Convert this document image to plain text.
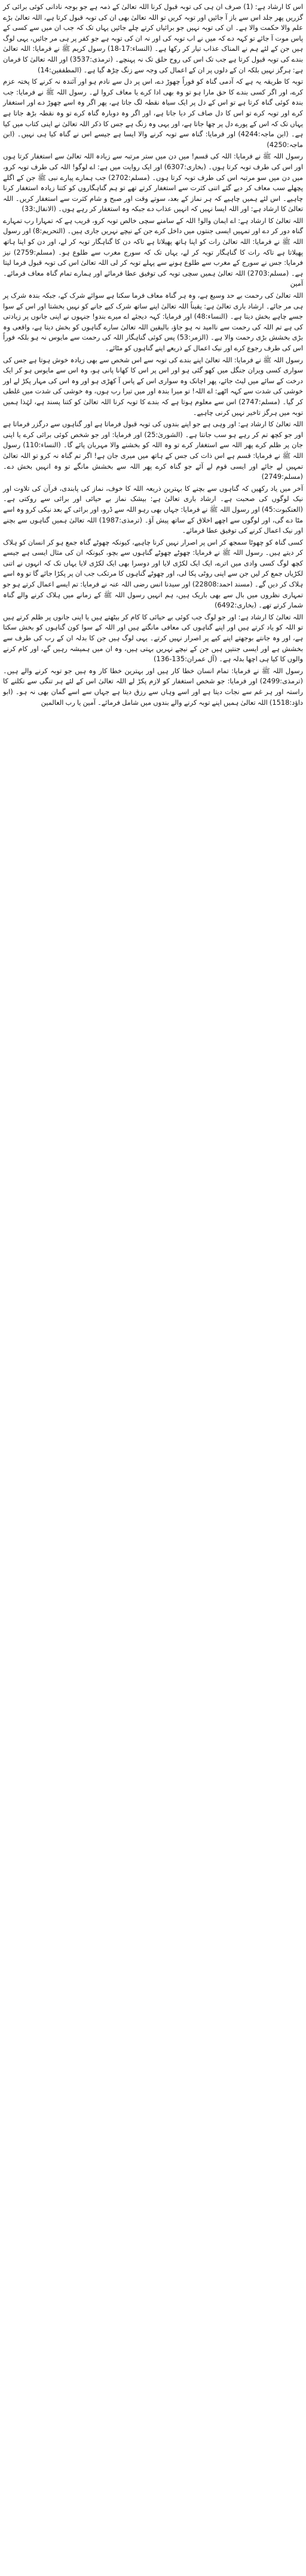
اس کا ارشاد ہے: (1) صرف ان ہی کی توبہ قبول کرنا اللہ تعالیٰ کے ذمہ ہے جو بوجہ نادانی کوئی برائی کر گزریں پھر جلد اس سے باز آ جائیں اور توبہ کریں تو اللہ تعالیٰ بھی ان کی توبہ قبول کرتا ہے، اللہ تعالیٰ بڑے علم والا حکمت والا ہے۔ ان کی توبہ نہیں جو برائیاں کرتے چلے جائیں یہاں تک کہ جب ان میں سے کسی کے پاس موت آ جائے تو کہہ دے کہ میں نے اب توبہ کی اور نہ ان کی توبہ ہے جو کفر پر ہی مر جائیں، یہی لوگ ہیں جن کے لئے ہم نے المناک عذاب تیار کر رکھا ہے۔ (النساء:17-18) رسول کریم ﷺ نے فرمایا: اللہ تعالیٰ بندے کی توبہ قبول کرتا ہے جب تک اس کی روح حلق تک نہ پہنچے۔ (ترمذی:3537) اور اللہ تعالیٰ کا فرمان ہے: ہرگز نہیں بلکہ ان کے دلوں پر ان کے اعمال کی وجہ سے زنگ چڑھ گیا ہے۔ (المطففین:14)

توبہ کا طریقہ یہ ہے کہ آدمی گناہ کو فوراً چھوڑ دے، اس پر دل سے نادم ہو اور آئندہ نہ کرنے کا پختہ عزم کرے، اور اگر کسی بندے کا حق مارا ہو تو وہ بھی ادا کرے یا معاف کروا لے۔ رسول اللہ ﷺ نے فرمایا: جب بندہ کوئی گناہ کرتا ہے تو اس کے دل پر ایک سیاہ نقطہ لگ جاتا ہے، پھر اگر وہ اسے چھوڑ دے اور استغفار کرے اور توبہ کرے تو اس کا دل صاف کر دیا جاتا ہے، اور اگر وہ دوبارہ گناہ کرے تو وہ نقطہ بڑھ جاتا ہے یہاں تک کہ اس کے پورے دل پر چھا جاتا ہے، اور یہی وہ زنگ ہے جس کا ذکر اللہ تعالیٰ نے اپنی کتاب میں کیا ہے۔ (ابن ماجہ:4244) اور فرمایا: گناہ سے توبہ کرنے والا ایسا ہے جیسے اس نے گناہ کیا ہی نہیں۔ (ابن ماجہ:4250)

رسول اللہ ﷺ نے فرمایا: اللہ کی قسم! میں دن میں ستر مرتبہ سے زیادہ اللہ تعالیٰ سے استغفار کرتا ہوں اور اس کی طرف توبہ کرتا ہوں۔ (بخاری:6307) اور ایک روایت میں ہے: اے لوگو! اللہ کی طرف توبہ کرو، میں دن میں سو مرتبہ اس کی طرف توبہ کرتا ہوں۔ (مسلم:2702) جب ہمارے پیارے نبی ﷺ جن کے اگلے پچھلے سب معاف کر دیے گئے اتنی کثرت سے استغفار کرتے تھے تو ہم گناہگاروں کو کتنا زیادہ استغفار کرنا چاہیے۔ اس لئے ہمیں چاہیے کہ ہر نماز کے بعد، سوتے وقت اور صبح و شام کثرت سے استغفار کریں۔ اللہ تعالیٰ کا ارشاد ہے: اور اللہ ایسا نہیں کہ انہیں عذاب دے جبکہ وہ استغفار کر رہے ہوں۔ (الانفال:33)

اللہ تعالیٰ کا ارشاد ہے: اے ایمان والو! اللہ کے سامنے سچی خالص توبہ کرو، قریب ہے کہ تمہارا رب تمہارے گناہ دور کر دے اور تمہیں ایسی جنتوں میں داخل کرے جن کے نیچے نہریں جاری ہیں۔ (التحریم:8) اور رسول اللہ ﷺ نے فرمایا: اللہ تعالیٰ رات کو اپنا ہاتھ پھیلاتا ہے تاکہ دن کا گناہگار توبہ کر لے، اور دن کو اپنا ہاتھ پھیلاتا ہے تاکہ رات کا گناہگار توبہ کر لے، یہاں تک کہ سورج مغرب سے طلوع ہو۔ (مسلم:2759) نیز فرمایا: جس نے سورج کے مغرب سے طلوع ہونے سے پہلے توبہ کر لی اللہ تعالیٰ اس کی توبہ قبول فرما لیتا ہے۔ (مسلم:2703) اللہ تعالیٰ ہمیں سچی توبہ کی توفیق عطا فرمائے اور ہمارے تمام گناہ معاف فرمائے۔ آمین

اللہ تعالیٰ کی رحمت بے حد وسیع ہے، وہ ہر گناہ معاف فرما سکتا ہے سوائے شرک کے، جبکہ بندہ شرک پر ہی مر جائے۔ ارشاد باری تعالیٰ ہے: یقیناً اللہ تعالیٰ اپنے ساتھ شرک کیے جانے کو نہیں بخشتا اور اس کے سوا جسے چاہے بخش دیتا ہے۔ (النساء:48) اور فرمایا: کہہ دیجئے اے میرے بندو! جنہوں نے اپنی جانوں پر زیادتی کی ہے تم اللہ کی رحمت سے ناامید نہ ہو جاؤ، بالیقین اللہ تعالیٰ سارے گناہوں کو بخش دیتا ہے، واقعی وہ بڑی بخشش بڑی رحمت والا ہے۔ (الزمر:53) پس کوئی گناہگار اللہ کی رحمت سے مایوس نہ ہو بلکہ فوراً اس کی طرف رجوع کرے اور نیک اعمال کے ذریعے اپنے گناہوں کو مٹائے۔

رسول اللہ ﷺ نے فرمایا: اللہ تعالیٰ اپنے بندے کی توبہ سے اس شخص سے بھی زیادہ خوش ہوتا ہے جس کی سواری کسی ویران جنگل میں کھو گئی ہو اور اس پر اس کا کھانا پانی ہو، وہ اس سے مایوس ہو کر ایک درخت کے سائے میں لیٹ جائے، پھر اچانک وہ سواری اس کے پاس آ کھڑی ہو اور وہ اس کی مہار پکڑ لے اور خوشی کی شدت سے کہہ اٹھے: اے اللہ! تو میرا بندہ اور میں تیرا رب ہوں، وہ خوشی کی شدت میں غلطی کر گیا۔ (مسلم:2747) اس سے معلوم ہوتا ہے کہ بندے کا توبہ کرنا اللہ تعالیٰ کو کتنا پسند ہے، لہٰذا ہمیں توبہ میں ہرگز تاخیر نہیں کرنی چاہیے۔

اللہ تعالیٰ کا ارشاد ہے: اور وہی ہے جو اپنے بندوں کی توبہ قبول فرماتا ہے اور گناہوں سے درگزر فرماتا ہے اور جو کچھ تم کر رہے ہو سب جانتا ہے۔ (الشوریٰ:25) اور فرمایا: اور جو شخص کوئی برائی کرے یا اپنی جان پر ظلم کرے پھر اللہ سے استغفار کرے تو وہ اللہ کو بخشنے والا مہربان پائے گا۔ (النساء:110) رسول اللہ ﷺ نے فرمایا: قسم ہے اس ذات کی جس کے ہاتھ میں میری جان ہے! اگر تم گناہ نہ کرو تو اللہ تعالیٰ تمہیں لے جائے اور ایسی قوم لے آئے جو گناہ کرے پھر اللہ سے بخشش مانگے تو وہ انہیں بخش دے۔ (مسلم:2749)

آخر میں یاد رکھیں کہ گناہوں سے بچنے کا بہترین ذریعہ اللہ کا خوف، نماز کی پابندی، قرآن کی تلاوت اور نیک لوگوں کی صحبت ہے۔ ارشاد باری تعالیٰ ہے: بیشک نماز بے حیائی اور برائی سے روکتی ہے۔ (العنکبوت:45) اور رسول اللہ ﷺ نے فرمایا: جہاں بھی رہو اللہ سے ڈرو، اور برائی کے بعد نیکی کرو وہ اسے مٹا دے گی، اور لوگوں سے اچھے اخلاق کے ساتھ پیش آؤ۔ (ترمذی:1987) اللہ تعالیٰ ہمیں گناہوں سے بچنے اور نیک اعمال کرنے کی توفیق عطا فرمائے۔

کسی گناہ کو چھوٹا سمجھ کر اس پر اصرار نہیں کرنا چاہیے، کیونکہ چھوٹے گناہ جمع ہو کر انسان کو ہلاک کر دیتے ہیں۔ رسول اللہ ﷺ نے فرمایا: چھوٹے چھوٹے گناہوں سے بچو، کیونکہ ان کی مثال ایسی ہے جیسے کچھ لوگ کسی وادی میں اترے، ایک ایک لکڑی لایا اور دوسرا بھی ایک لکڑی لایا یہاں تک کہ انہوں نے اتنی لکڑیاں جمع کر لیں جن سے اپنی روٹی پکا لی، اور چھوٹے گناہوں کا مرتکب جب ان پر پکڑا جائے گا تو وہ اسے ہلاک کر دیں گے۔ (مسند احمد:22808) اور سیدنا انس رضی اللہ عنہ نے فرمایا: تم ایسے اعمال کرتے ہو جو تمہاری نظروں میں بال سے بھی باریک ہیں، ہم انہیں رسول اللہ ﷺ کے زمانے میں ہلاک کرنے والے گناہ شمار کرتے تھے۔ (بخاری:6492)

اللہ تعالیٰ کا ارشاد ہے: اور جو لوگ جب کوئی بے حیائی کا کام کر بیٹھتے ہیں یا اپنی جانوں پر ظلم کرتے ہیں تو اللہ کو یاد کرتے ہیں اور اپنے گناہوں کی معافی مانگتے ہیں اور اللہ کے سوا کون گناہوں کو بخش سکتا ہے، اور وہ جانتے بوجھتے اپنے کیے پر اصرار نہیں کرتے۔ یہی لوگ ہیں جن کا بدلہ ان کے رب کی طرف سے بخشش ہے اور ایسی جنتیں ہیں جن کے نیچے نہریں بہتی ہیں، وہ ان میں ہمیشہ رہیں گے، اور کام کرنے والوں کا کیا ہی اچھا بدلہ ہے۔ (آل عمران:135-136)

رسول اللہ ﷺ نے فرمایا: تمام انسان خطا کار ہیں اور بہترین خطا کار وہ ہیں جو توبہ کرنے والے ہیں۔ (ترمذی:2499) اور فرمایا: جو شخص استغفار کو لازم پکڑ لے اللہ تعالیٰ اس کے لئے ہر تنگی سے نکلنے کا راستہ اور ہر غم سے نجات دیتا ہے اور اسے وہاں سے رزق دیتا ہے جہاں سے اسے گمان بھی نہ ہو۔ (ابو داؤد:1518) اللہ تعالیٰ ہمیں اپنے توبہ کرنے والے بندوں میں شامل فرمائے۔ آمین یا رب العالمین
